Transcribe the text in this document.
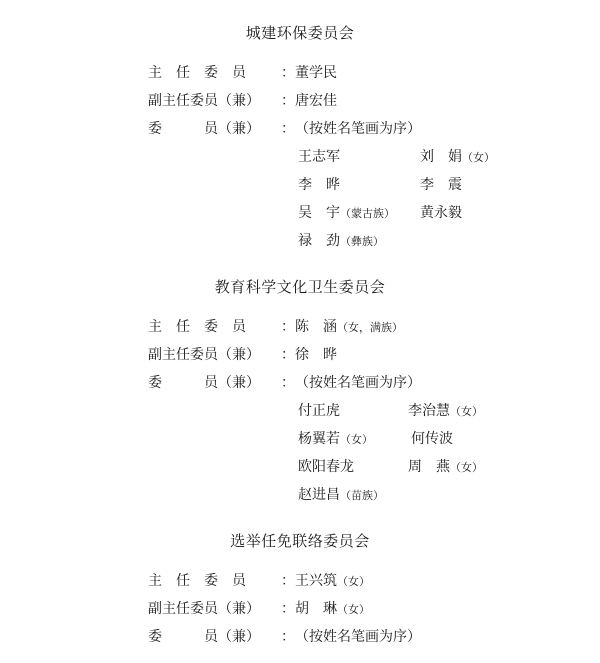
城建环保委员会
主　任　委　员	： 董学民
副主任委员（兼）	： 唐宏佳
委　　　员（兼）	： （按姓名笔画为序）
王志军	刘　娟（女）
李　晔	李　震
吴　宇（蒙古族） 黄永毅
禄　劲（彝族）
教育科学文化卫生委员会
主　任　委　员	： 陈　涵（女，满族）
副主任委员（兼）	： 徐　晔
委　　　员（兼）	： （按姓名笔画为序）
付正虎	李治慧（女）
杨翼若（女）	何传波
欧阳春龙	周　燕（女）
赵进昌（苗族）
选举任免联络委员会
主　任　委　员	： 王兴筑（女）
副主任委员（兼）	： 胡　琳（女）
委　　　员（兼）	： （按姓名笔画为序）
